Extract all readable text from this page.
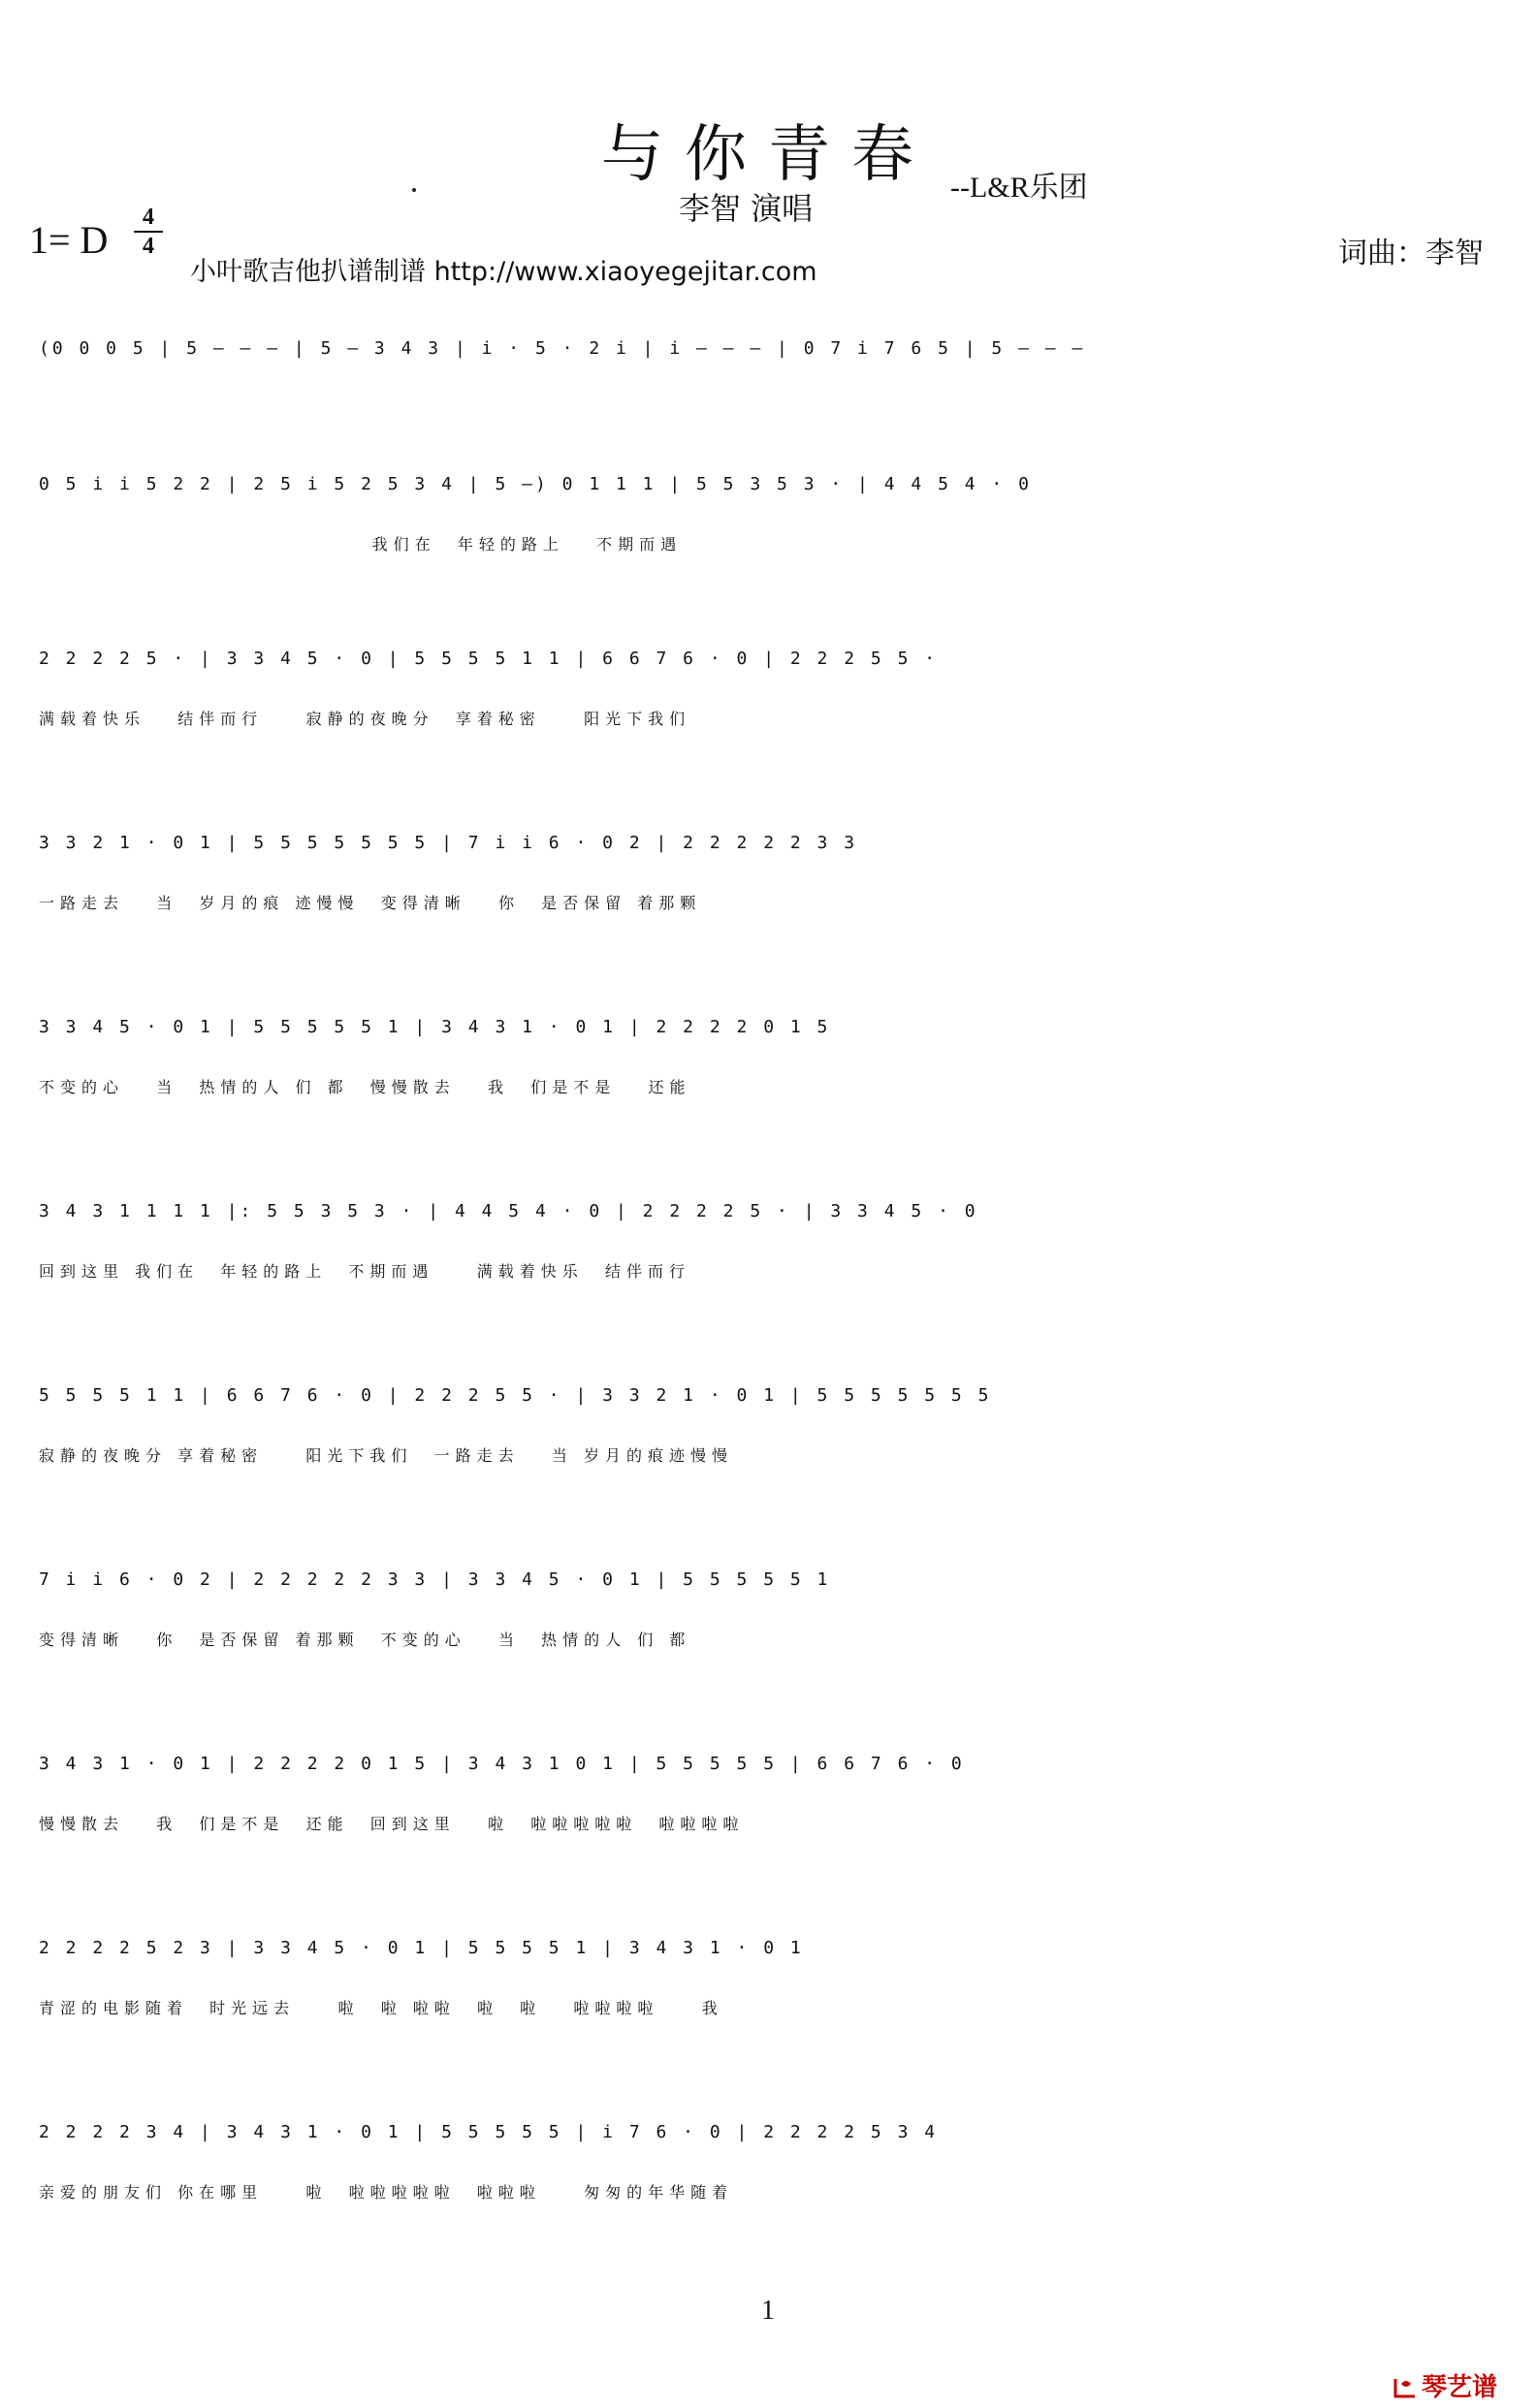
与你青春 --L&R乐团
李智 演唱
1= D
4
4
小叶歌吉他扒谱制谱 http://www.xiaoyegejitar.com
词曲：李智
(0 0 0 5 | 5 – – – | 5 – 3 4 3 | i · 5 · 2 i | i – – – | 0 7 i 7 6 5 | 5 – – –
0 5 i i 5 2 2 | 2 5 i 5 2 5 3 4 | 5 –) 0 1 1 1 | 5 5 3 5 3 · | 4 4 5 4 · 0
我们在  年轻的路上   不期而遇
2 2 2 2 5 · | 3 3 4 5 · 0 | 5 5 5 5 1 1 | 6 6 7 6 · 0 | 2 2 2 5 5 ·
满载着快乐   结伴而行    寂静的夜晚分  享着秘密    阳光下我们
3 3 2 1 · 0 1 | 5 5 5 5 5 5 5 | 7 i i 6 · 0 2 | 2 2 2 2 2 3 3
一路走去   当  岁月的痕 迹慢慢  变得清晰   你  是否保留 着那颗
3 3 4 5 · 0 1 | 5 5 5 5 5 1 | 3 4 3 1 · 0 1 | 2 2 2 2 0 1 5
不变的心   当  热情的人 们 都  慢慢散去   我  们是不是   还能
3 4 3 1 1 1 1 |: 5 5 3 5 3 · | 4 4 5 4 · 0 | 2 2 2 2 5 · | 3 3 4 5 · 0
回到这里 我们在  年轻的路上  不期而遇    满载着快乐  结伴而行
5 5 5 5 1 1 | 6 6 7 6 · 0 | 2 2 2 5 5 · | 3 3 2 1 · 0 1 | 5 5 5 5 5 5 5
寂静的夜晚分 享着秘密    阳光下我们  一路走去   当 岁月的痕迹慢慢
7 i i 6 · 0 2 | 2 2 2 2 2 3 3 | 3 3 4 5 · 0 1 | 5 5 5 5 5 1
变得清晰   你  是否保留 着那颗  不变的心   当  热情的人 们 都
3 4 3 1 · 0 1 | 2 2 2 2 0 1 5 | 3 4 3 1 0 1 | 5 5 5 5 5 | 6 6 7 6 · 0
慢慢散去   我  们是不是  还能  回到这里   啦  啦啦啦啦啦  啦啦啦啦
2 2 2 2 5 2 3 | 3 3 4 5 · 0 1 | 5 5 5 5 1 | 3 4 3 1 · 0 1
青涩的电影随着  时光远去    啦  啦 啦啦  啦  啦   啦啦啦啦    我
2 2 2 2 3 4 | 3 4 3 1 · 0 1 | 5 5 5 5 5 | i 7 6 · 0 | 2 2 2 2 5 3 4
亲爱的朋友们 你在哪里    啦  啦啦啦啦啦  啦啦啦    匆匆的年华随着
1
琴艺谱
